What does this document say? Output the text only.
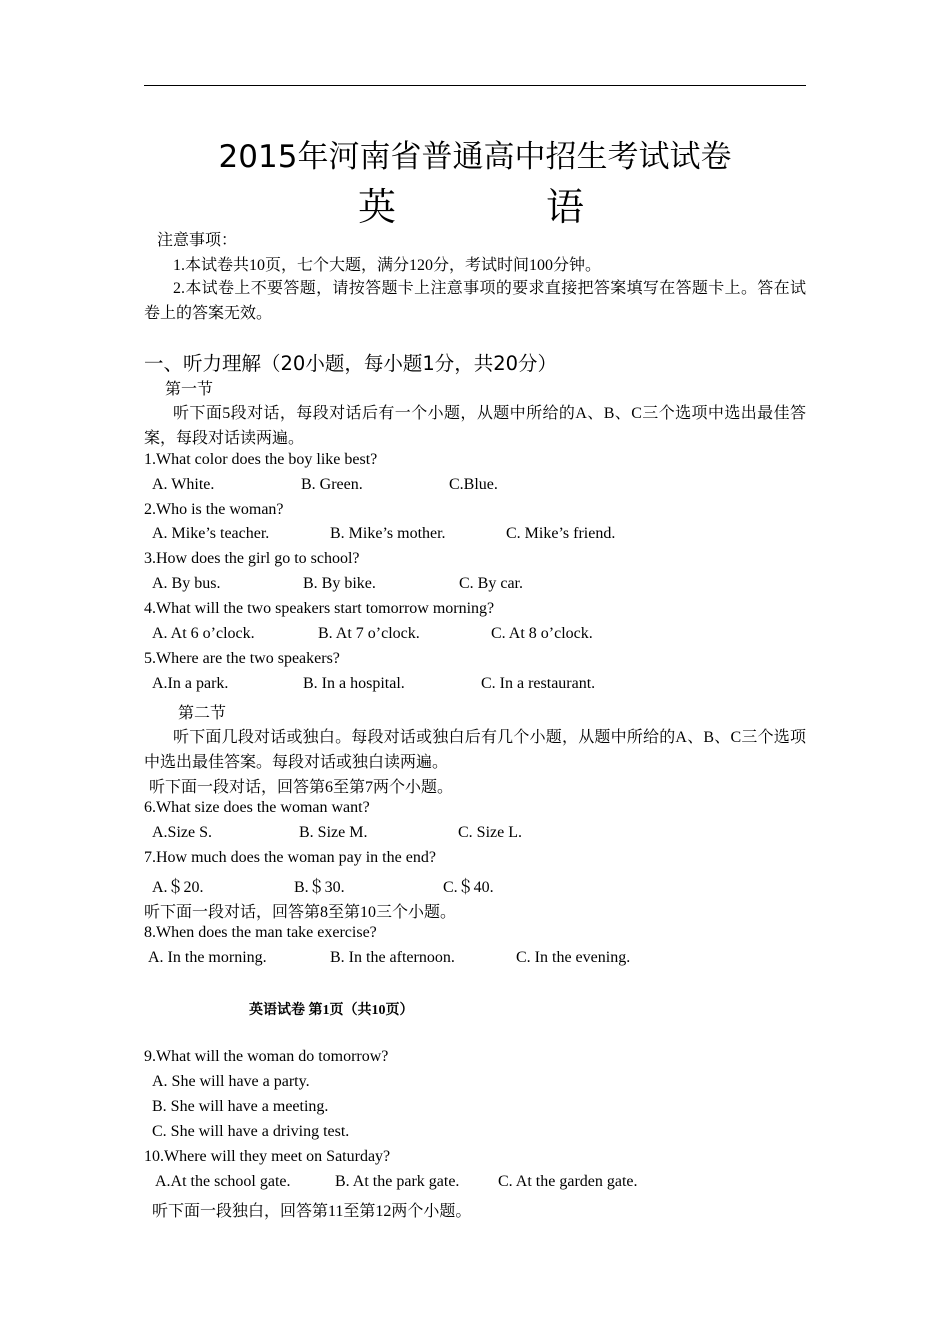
2015年河南省普通高中招生考试试卷
英	语
注意事项：
1.本试卷共10页，七个大题，满分120分，考试时间100分钟。
2.本试卷上不要答题，请按答题卡上注意事项的要求直接把答案填写在答题卡上。答在试卷上的答案无效。
一、听力理解（20小题，每小题1分，共20分）
第一节
听下面5段对话，每段对话后有一个小题，从题中所给的A、B、C三个选项中选出最佳答案，每段对话读两遍。
1.What color does the boy like best?
A. White.	B. Green.	C.Blue.
2.Who is the woman?
A. Mike’s teacher.	B. Mike’s mother.	C. Mike’s friend.
3.How does the girl go to school?
A. By bus.	B. By bike.	C. By car.
4.What will the two speakers start tomorrow morning?
A. At 6 o’clock.	B. At 7 o’clock.	C. At 8 o’clock.
5.Where are the two speakers?
A.In a park.	B. In a hospital.	C. In a restaurant.
第二节
听下面几段对话或独白。每段对话或独白后有几个小题，从题中所给的A、B、C三个选项中选出最佳答案。每段对话或独白读两遍。
听下面一段对话，回答第6至第7两个小题。
6.What size does the woman want?
A.Size S.	B. Size M.	C. Size L.
7.How much does the woman pay in the end?
A.＄20.	B.＄30.	C.＄40.
听下面一段对话，回答第8至第10三个小题。
8.When does the man take exercise?
A. In the morning.	B. In the afternoon.	C. In the evening.
英语试卷 第1页（共10页）
9.What will the woman do tomorrow?
A. She will have a party.
B. She will have a meeting.
C. She will have a driving test.
10.Where will they meet on Saturday?
A.At the school gate.	B. At the park gate. C. At the garden gate.
听下面一段独白，回答第11至第12两个小题。
